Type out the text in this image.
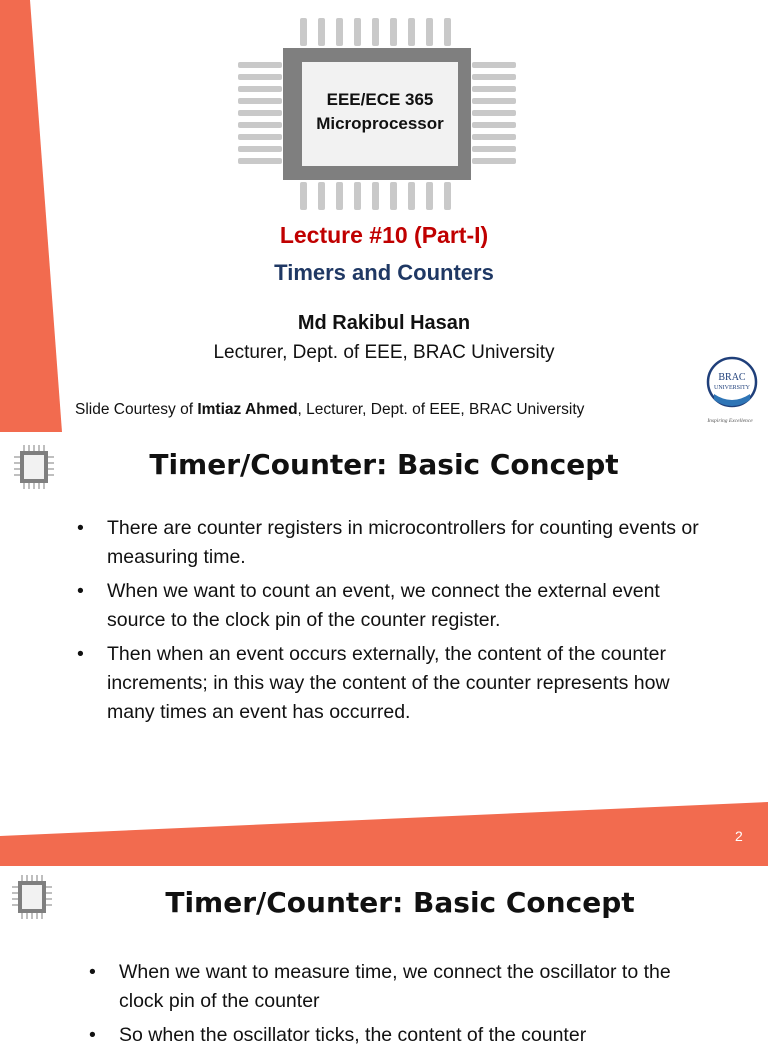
EEE/ECE 365
Microprocessor
Lecture #10 (Part-I)
Timers and Counters
Md Rakibul Hasan
Lecturer, Dept. of EEE, BRAC University
Slide Courtesy of Imtiaz Ahmed, Lecturer, Dept. of EEE, BRAC University
BRAC
UNIVERSITY
Inspiring Excellence
Timer/Counter: Basic Concept
• There are counter registers in microcontrollers for counting events or measuring time.
• When we want to count an event, we connect the external event source to the clock pin of the counter register.
• Then when an event occurs externally, the content of the counter increments; in this way the content of the counter represents how many times an event has occurred.
2
Timer/Counter: Basic Concept
• When we want to measure time, we connect the oscillator to the clock pin of the counter
• So when the oscillator ticks, the content of the counter
